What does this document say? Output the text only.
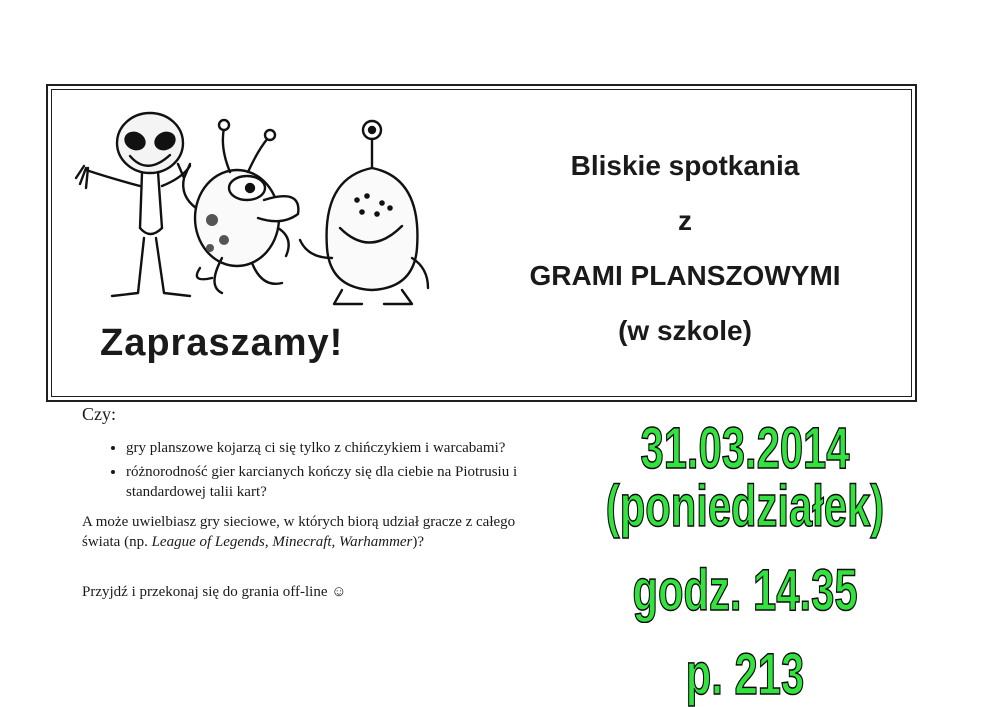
Zapraszamy!
Bliskie spotkania
z
GRAMI PLANSZOWYMI
(w szkole)

Czy:

• gry planszowe kojarzą ci się tylko z chińczykiem i warcabami?
• różnorodność gier karcianych kończy się dla ciebie na Piotrusiu i standardowej talii kart?

A może uwielbiasz gry sieciowe, w których biorą udział gracze z całego świata (np. League of Legends, Minecraft, Warhammer)?

Przyjdź i przekonaj się do grania off-line ☺

31.03.2014 (poniedziałek)
godz. 14.35
p. 213
